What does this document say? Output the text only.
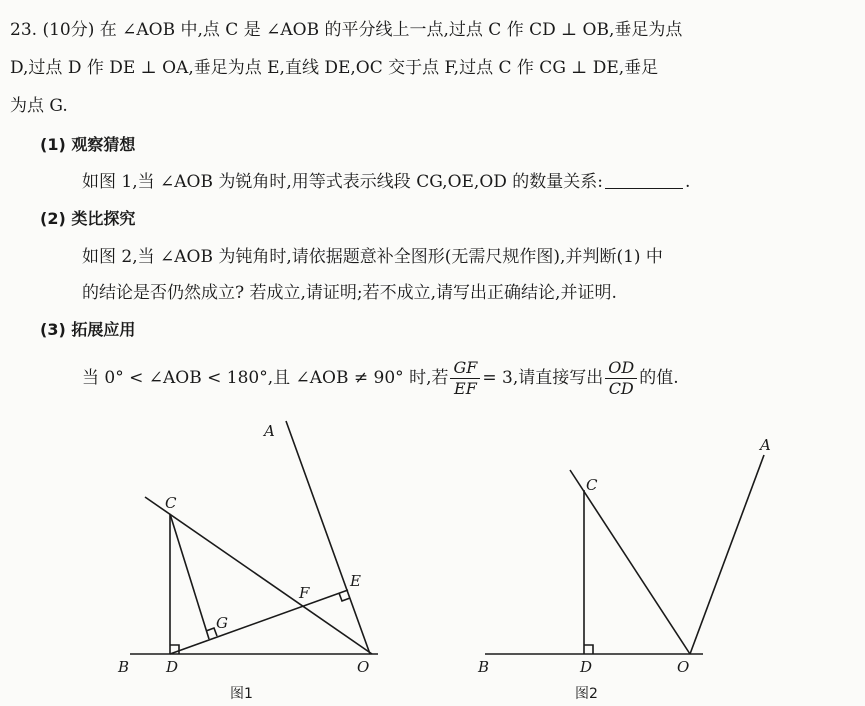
23. (10分) 在 ∠AOB 中,点 C 是 ∠AOB 的平分线上一点,过点 C 作 CD ⊥ OB,垂足为点
D,过点 D 作 DE ⊥ OA,垂足为点 E,直线 DE,OC 交于点 F,过点 C 作 CG ⊥ DE,垂足
为点 G.
(1) 观察猜想
如图 1,当 ∠AOB 为锐角时,用等式表示线段 CG,OE,OD 的数量关系:	.
(2) 类比探究
如图 2,当 ∠AOB 为钝角时,请依据题意补全图形(无需尺规作图),并判断(1) 中
的结论是否仍然成立? 若成立,请证明;若不成立,请写出正确结论,并证明.
(3) 拓展应用
当 0° < ∠AOB < 180°,且 ∠AOB ≠ 90° 时,若 $\frac{GF}{EF} = 3$,请直接写出 $\frac{OD}{CD}$ 的值.
A
B
C
D
E
F
G
O
图1
A
B
C
D	O
图2
